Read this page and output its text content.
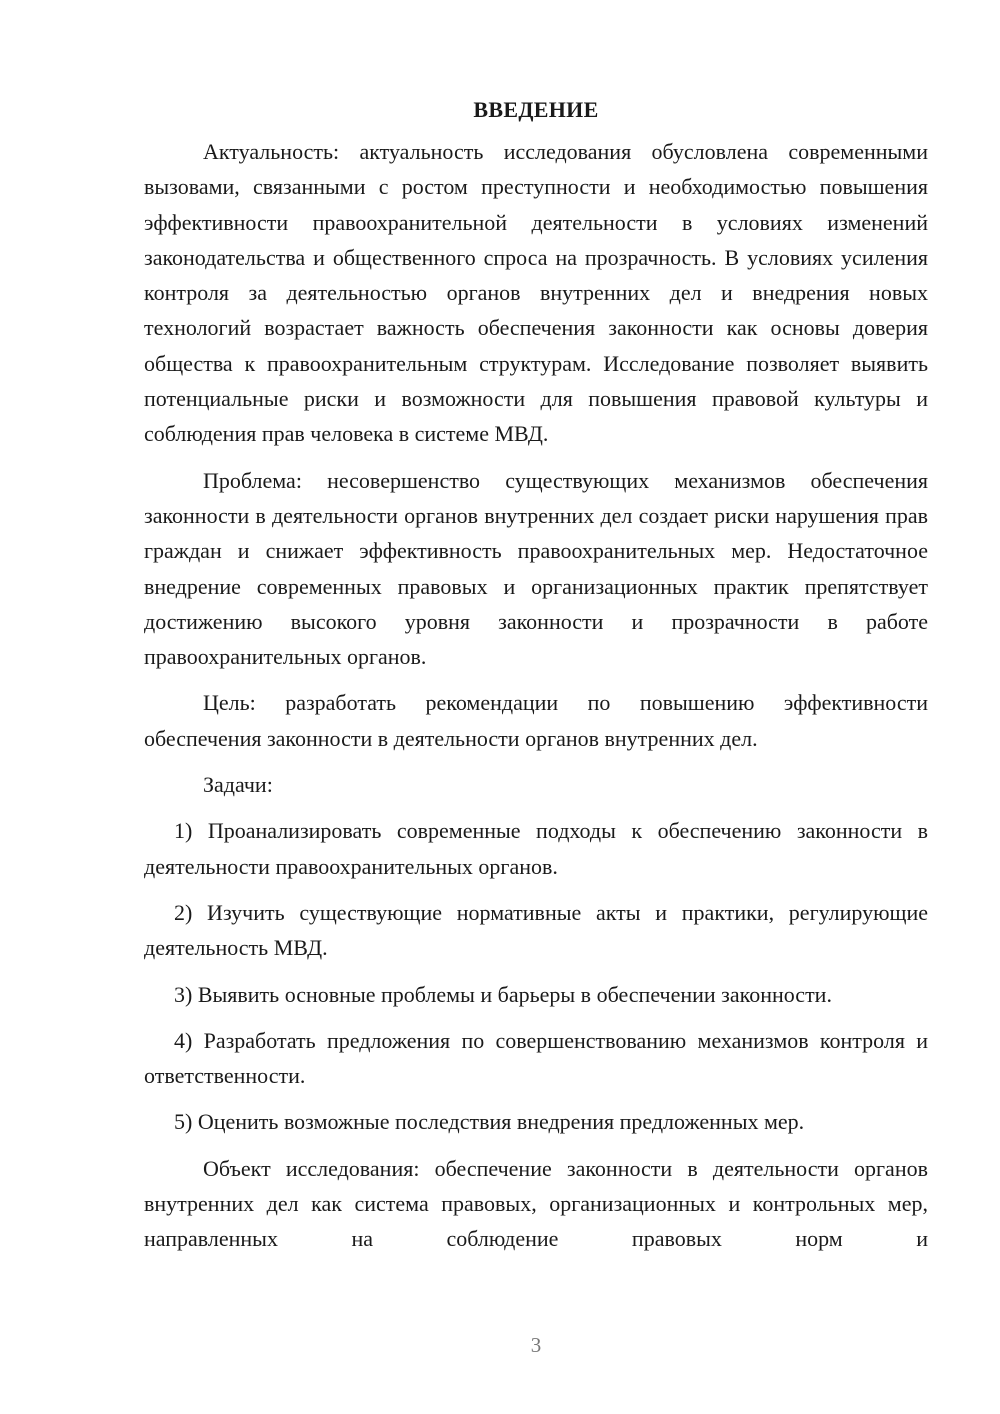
ВВЕДЕНИЕ

Актуальность: актуальность исследования обусловлена современными вызовами, связанными с ростом преступности и необходимостью повышения эффективности правоохранительной деятельности в условиях изменений законодательства и общественного спроса на прозрачность. В условиях усиления контроля за деятельностью органов внутренних дел и внедрения новых технологий возрастает важность обеспечения законности как основы доверия общества к правоохранительным структурам. Исследование позволяет выявить потенциальные риски и возможности для повышения правовой культуры и соблюдения прав человека в системе МВД.

Проблема: несовершенство существующих механизмов обеспечения законности в деятельности органов внутренних дел создает риски нарушения прав граждан и снижает эффективность правоохранительных мер. Недостаточное внедрение современных правовых и организационных практик препятствует достижению высокого уровня законности и прозрачности в работе правоохранительных органов.

Цель: разработать рекомендации по повышению эффективности обеспечения законности в деятельности органов внутренних дел.

Задачи:

1) Проанализировать современные подходы к обеспечению законности в деятельности правоохранительных органов.

2) Изучить существующие нормативные акты и практики, регулирующие деятельность МВД.

3) Выявить основные проблемы и барьеры в обеспечении законности.

4) Разработать предложения по совершенствованию механизмов контроля и ответственности.

5) Оценить возможные последствия внедрения предложенных мер.

Объект исследования: обеспечение законности в деятельности органов внутренних дел как система правовых, организационных и контрольных мер, направленных на соблюдение правовых норм и

3
